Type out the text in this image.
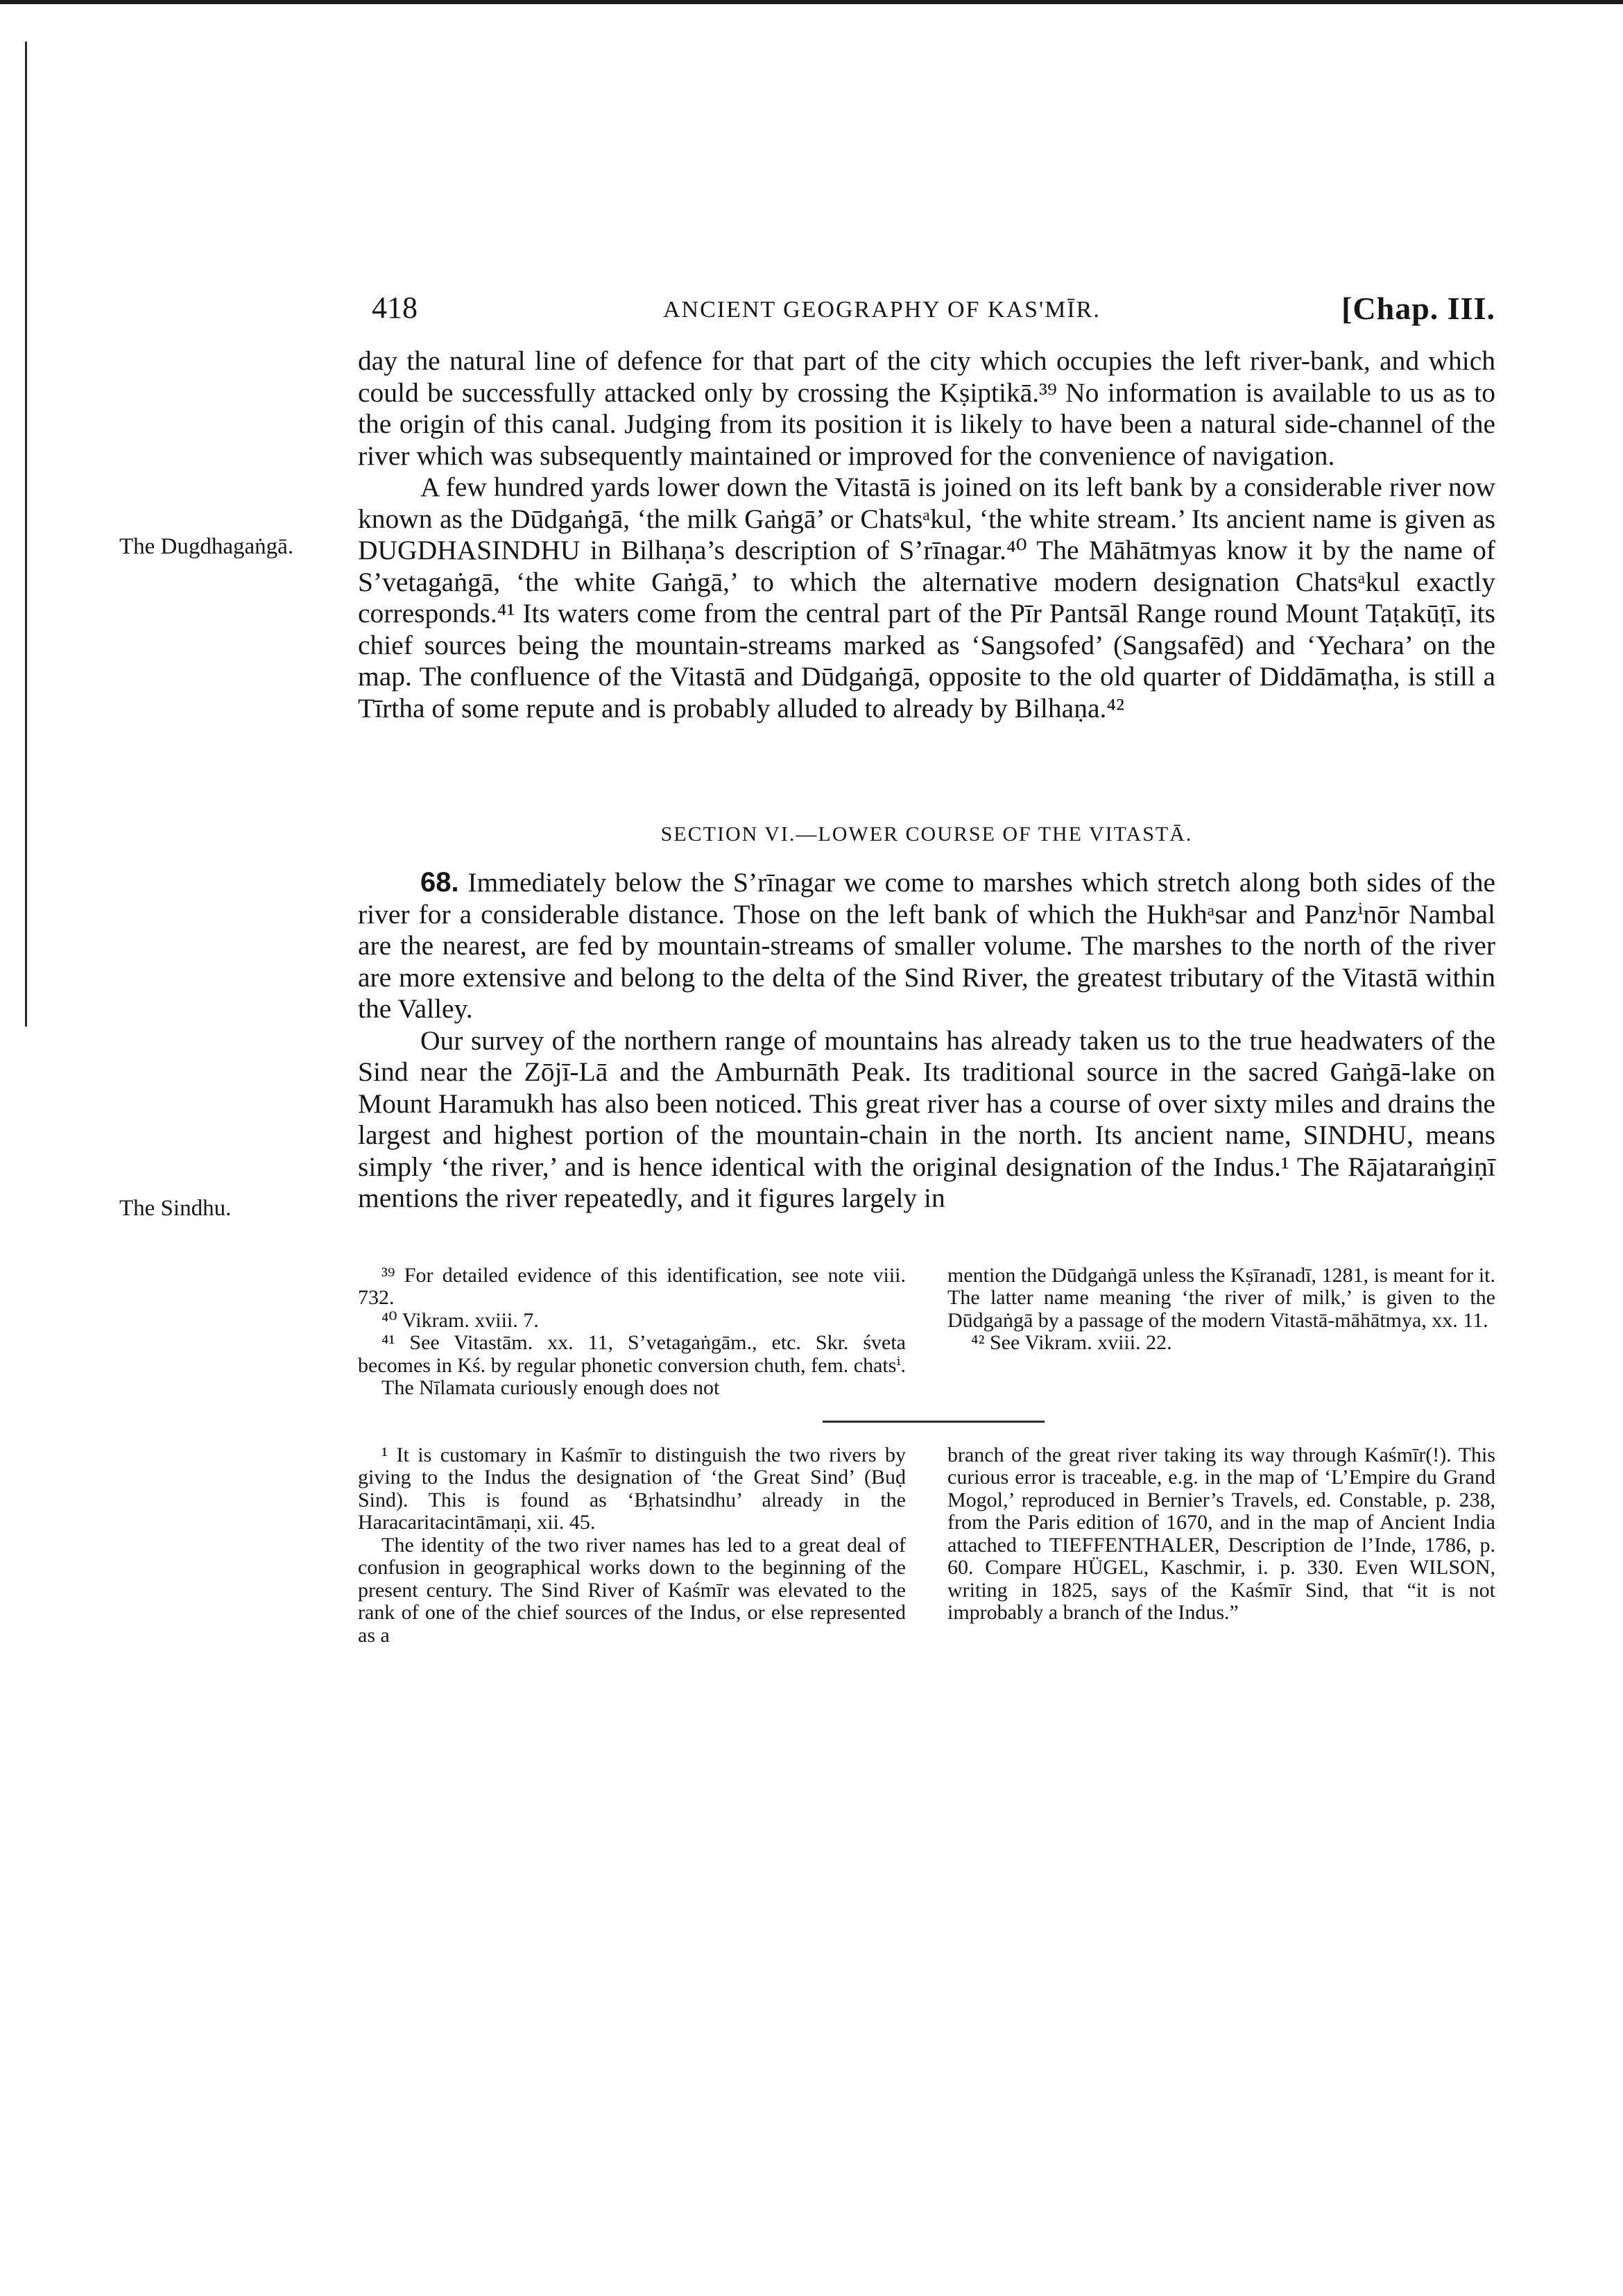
418	ANCIENT GEOGRAPHY OF KAS'MĪR.	[Chap. III.

day the natural line of defence for that part of the city which occupies the left river-bank, and which could be successfully attacked only by crossing the Kṣiptikā.³⁹ No information is available to us as to the origin of this canal. Judging from its position it is likely to have been a natural side-channel of the river which was subsequently maintained or improved for the convenience of navigation.

A few hundred yards lower down the Vitastā is joined on its left bank by a considerable river now known as the Dūdgaṅgā, ‘the milk Gaṅgā’ or Chatsᵃkul, ‘the white stream.’ Its ancient name is given as DUGDHASINDHU in Bilhaṇa’s description of S’rīnagar.⁴⁰ The Māhātmyas know it by the name of S’vetagaṅgā, ‘the white Gaṅgā,’ to which the alternative modern designation Chatsᵃkul exactly corresponds.⁴¹ Its waters come from the central part of the Pīr Pantsāl Range round Mount Taṭakūṭī, its chief sources being the mountain-streams marked as ‘Sangsofed’ (Sangsafēd) and ‘Yechara’ on the map. The confluence of the Vitastā and Dūdgaṅgā, opposite to the old quarter of Diddāmaṭha, is still a Tīrtha of some repute and is probably alluded to already by Bilhaṇa.⁴²

SECTION VI.—LOWER COURSE OF THE VITASTĀ.

68. Immediately below the S’rīnagar we come to marshes which stretch along both sides of the river for a considerable distance. Those on the left bank of which the Hukhᵃsar and Panzⁱnōr Nambal are the nearest, are fed by mountain-streams of smaller volume. The marshes to the north of the river are more extensive and belong to the delta of the Sind River, the greatest tributary of the Vitastā within the Valley.

Our survey of the northern range of mountains has already taken us to the true headwaters of the Sind near the Zōjī-Lā and the Amburnāth Peak. Its traditional source in the sacred Gaṅgā-lake on Mount Haramukh has also been noticed. This great river has a course of over sixty miles and drains the largest and highest portion of the mountain-chain in the north. Its ancient name, SINDHU, means simply ‘the river,’ and is hence identical with the original designation of the Indus.¹ The Rājataraṅgiṇī mentions the river repeatedly, and it figures largely in

³⁹ For detailed evidence of this identification, see note viii. 732.

⁴⁰ Vikram. xviii. 7.

⁴¹ See Vitastām. xx. 11, S’vetagaṅgām., etc. Skr. śveta becomes in Kś. by regular phonetic conversion chuth, fem. chatsⁱ.

The Nīlamata curiously enough does not

mention the Dūdgaṅgā unless the Kṣīranadī, 1281, is meant for it. The latter name meaning ‘the river of milk,’ is given to the Dūdgaṅgā by a passage of the modern Vitastā-māhātmya, xx. 11.

⁴² See Vikram. xviii. 22.

¹ It is customary in Kaśmīr to distinguish the two rivers by giving to the Indus the designation of ‘the Great Sind’ (Buḍ Sind). This is found as ‘Bṛhatsindhu’ already in the Haracaritacintāmaṇi, xii. 45.

The identity of the two river names has led to a great deal of confusion in geographical works down to the beginning of the present century. The Sind River of Kaśmīr was elevated to the rank of one of the chief sources of the Indus, or else represented as a

branch of the great river taking its way through Kaśmīr(!). This curious error is traceable, e.g. in the map of ‘L’Empire du Grand Mogol,’ reproduced in Bernier’s Travels, ed. Constable, p. 238, from the Paris edition of 1670, and in the map of Ancient India attached to TIEFFENTHALER, Description de l’Inde, 1786, p. 60. Compare HÜGEL, Kaschmir, i. p. 330. Even WILSON, writing in 1825, says of the Kaśmīr Sind, that “it is not improbably a branch of the Indus.”

The Dugdhagaṅgā.
The Sindhu.
